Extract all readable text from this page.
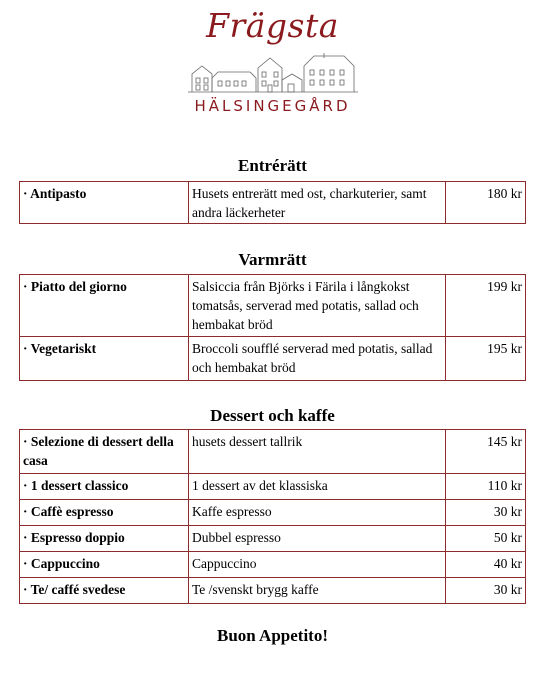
Frägsta
HÄLSINGEGÅRD
Entrérätt
· Antipasto	Husets entrerätt med ost, charkuterier, samt andra läckerheter	180 kr
Varmrätt
· Piatto del giorno	Salsiccia från Björks i Färila i långkokst tomatsås, serverad med potatis, sallad och hembakat bröd	199 kr
· Vegetariskt	Broccoli soufflé serverad med potatis, sallad och hembakat bröd	195 kr
Dessert och kaffe
· Selezione di dessert della casa	husets dessert tallrik	145 kr
· 1 dessert classico	1 dessert av det klassiska	110 kr
· Caffè espresso	Kaffe espresso	30 kr
· Espresso doppio	Dubbel espresso	50 kr
· Cappuccino	Cappuccino	40 kr
· Te/ caffé svedese	Te /svenskt brygg kaffe	30 kr
Buon Appetito!
